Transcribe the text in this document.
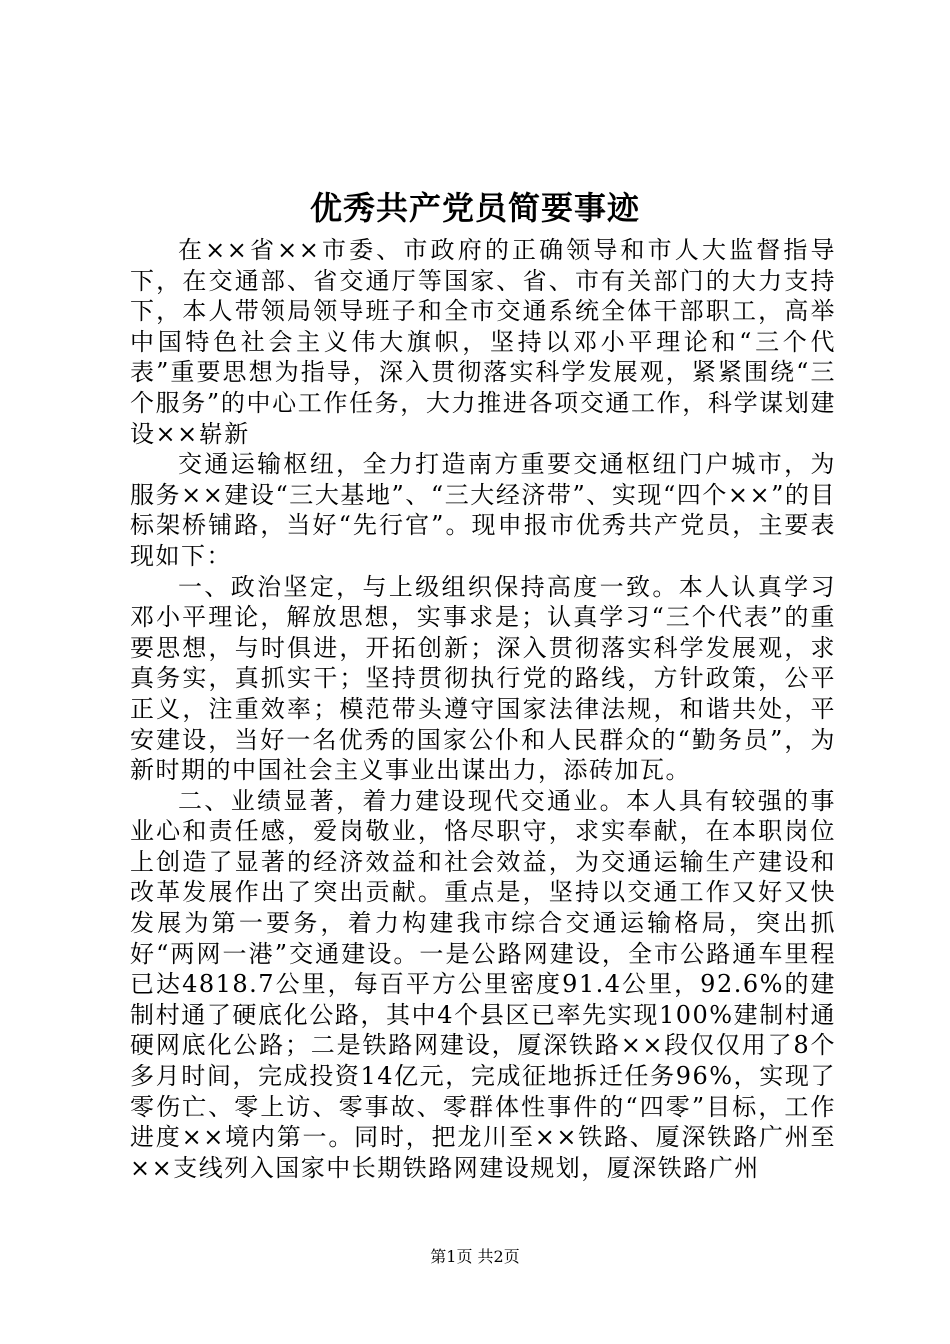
优秀共产党员简要事迹

在××省××市委、市政府的正确领导和市人大监督指导下，在交通部、省交通厅等国家、省、市有关部门的大力支持下，本人带领局领导班子和全市交通系统全体干部职工，高举中国特色社会主义伟大旗帜，坚持以邓小平理论和“三个代表”重要思想为指导，深入贯彻落实科学发展观，紧紧围绕“三个服务”的中心工作任务，大力推进各项交通工作，科学谋划建设××崭新

交通运输枢纽，全力打造南方重要交通枢纽门户城市，为服务××建设“三大基地”、“三大经济带”、实现“四个××”的目标架桥铺路，当好“先行官”。现申报市优秀共产党员，主要表现如下：

一、政治坚定，与上级组织保持高度一致。本人认真学习邓小平理论，解放思想，实事求是；认真学习“三个代表”的重要思想，与时俱进，开拓创新；深入贯彻落实科学发展观，求真务实，真抓实干；坚持贯彻执行党的路线，方针政策，公平正义，注重效率；模范带头遵守国家法律法规，和谐共处，平安建设，当好一名优秀的国家公仆和人民群众的“勤务员”，为新时期的中国社会主义事业出谋出力，添砖加瓦。

二、业绩显著，着力建设现代交通业。本人具有较强的事业心和责任感，爱岗敬业，恪尽职守，求实奉献，在本职岗位上创造了显著的经济效益和社会效益，为交通运输生产建设和改革发展作出了突出贡献。重点是，坚持以交通工作又好又快发展为第一要务，着力构建我市综合交通运输格局，突出抓好“两网一港”交通建设。一是公路网建设，全市公路通车里程已达4818.7公里，每百平方公里密度91.4公里，92.6%的建制村通了硬底化公路，其中4个县区已率先实现100%建制村通硬网底化公路；二是铁路网建设，厦深铁路××段仅仅用了8个多月时间，完成投资14亿元，完成征地拆迁任务96%，实现了零伤亡、零上访、零事故、零群体性事件的“四零”目标，工作进度××境内第一。同时，把龙川至××铁路、厦深铁路广州至××支线列入国家中长期铁路网建设规划，厦深铁路广州

第1页 共2页
